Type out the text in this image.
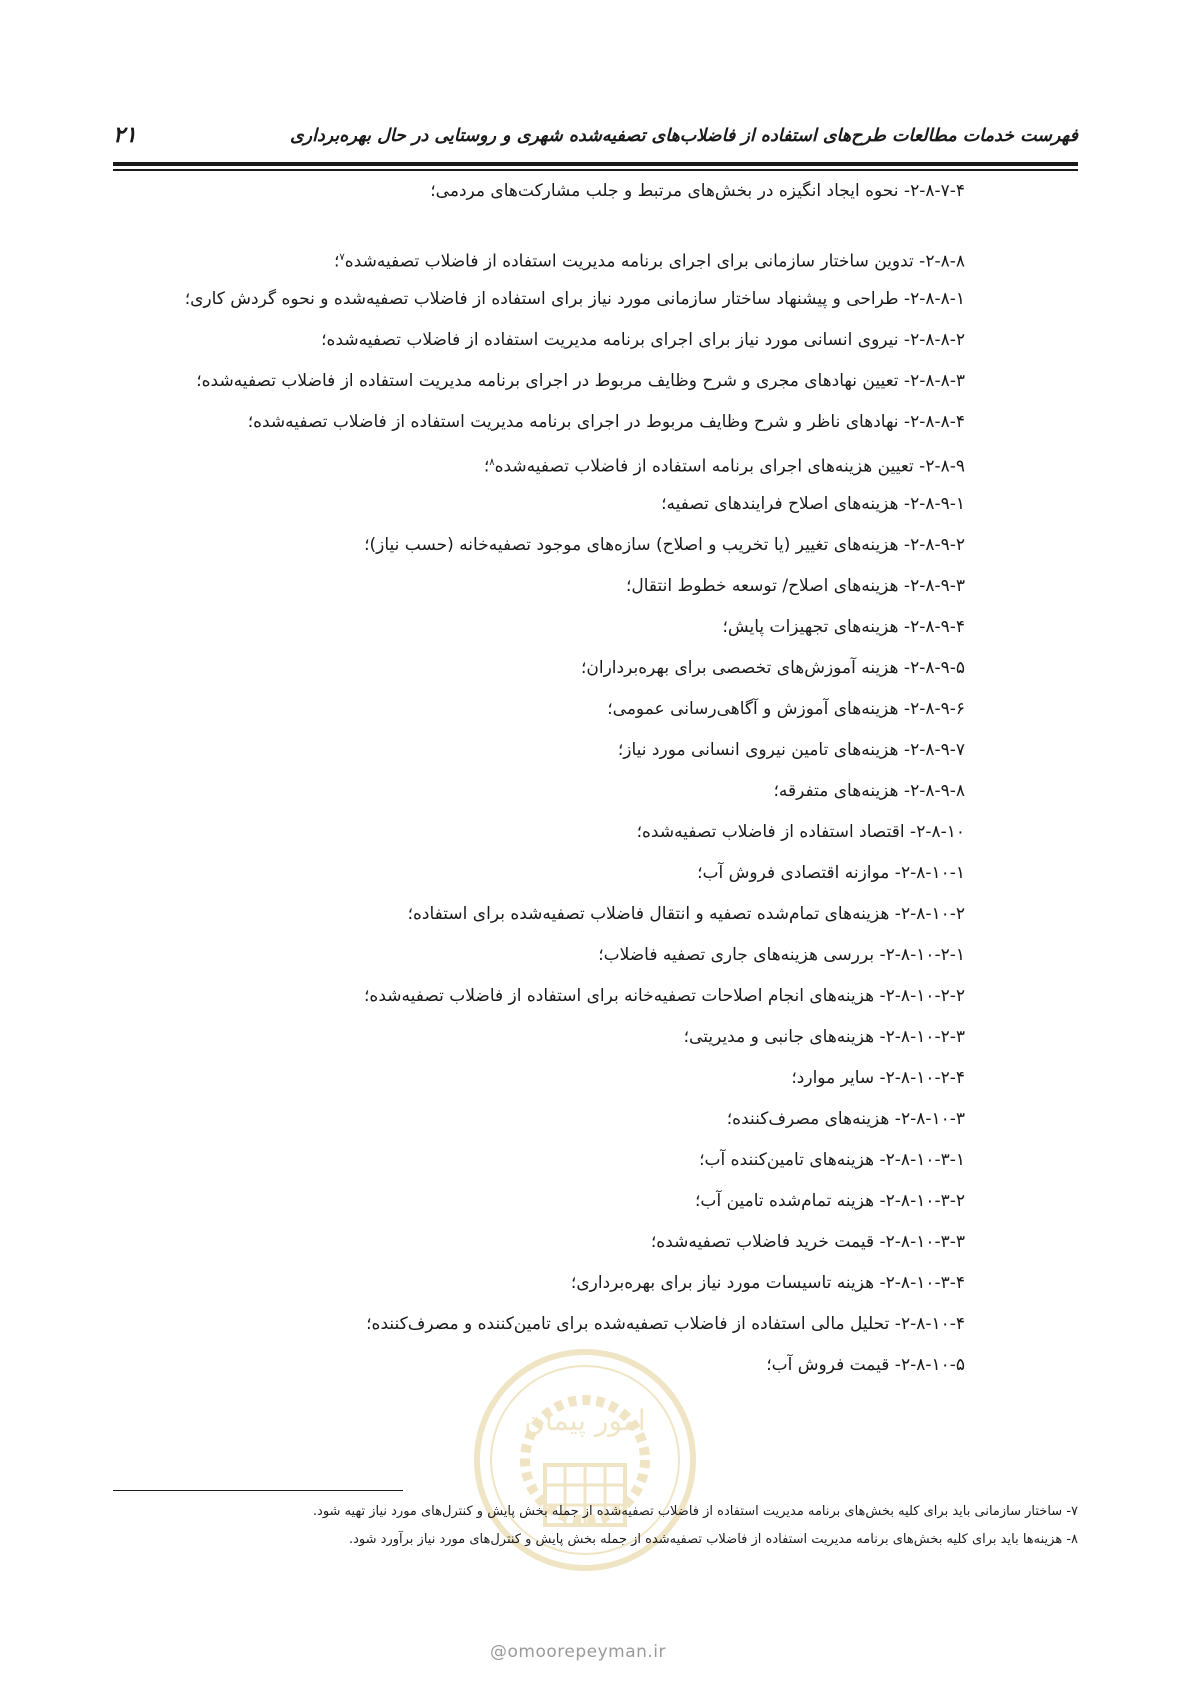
فهرست خدمات مطالعات طرح‌های استفاده از فاضلاب‌های تصفیه‌شده شهری و روستایی در حال بهره‌برداری
۲۱
۲-۸-۷-۴- نحوه ایجاد انگیزه در بخش‌های مرتبط و جلب مشارکت‌های مردمی؛
۲-۸-۸- تدوین ساختار سازمانی برای اجرای برنامه مدیریت استفاده از فاضلاب تصفیه‌شده$^۷$؛
۲-۸-۸-۱- طراحی و پیشنهاد ساختار سازمانی مورد نیاز برای استفاده از فاضلاب تصفیه‌شده و نحوه گردش کاری؛
۲-۸-۸-۲- نیروی انسانی مورد نیاز برای اجرای برنامه مدیریت استفاده از فاضلاب تصفیه‌شده؛
۲-۸-۸-۳- تعیین نهادهای مجری و شرح وظایف مربوط در اجرای برنامه مدیریت استفاده از فاضلاب تصفیه‌شده؛
۲-۸-۸-۴- نهادهای ناظر و شرح وظایف مربوط در اجرای برنامه مدیریت استفاده از فاضلاب تصفیه‌شده؛
۲-۸-۹- تعیین هزینه‌های اجرای برنامه استفاده از فاضلاب تصفیه‌شده$^۸$؛
۲-۸-۹-۱- هزینه‌های اصلاح فرایندهای تصفیه؛
۲-۸-۹-۲- هزینه‌های تغییر (یا تخریب و اصلاح) سازه‌های موجود تصفیه‌خانه (حسب نیاز)؛
۲-۸-۹-۳- هزینه‌های اصلاح/ توسعه خطوط انتقال؛
۲-۸-۹-۴- هزینه‌های تجهیزات پایش؛
۲-۸-۹-۵- هزینه آموزش‌های تخصصی برای بهره‌برداران؛
۲-۸-۹-۶- هزینه‌های آموزش و آگاهی‌رسانی عمومی؛
۲-۸-۹-۷- هزینه‌های تامین نیروی انسانی مورد نیاز؛
۲-۸-۹-۸- هزینه‌های متفرقه؛
۲-۸-۱۰- اقتصاد استفاده از فاضلاب تصفیه‌شده؛
۲-۸-۱۰-۱- موازنه اقتصادی فروش آب؛
۲-۸-۱۰-۲- هزینه‌های تمام‌شده تصفیه و انتقال فاضلاب تصفیه‌شده برای استفاده؛
۲-۸-۱۰-۲-۱- بررسی هزینه‌های جاری تصفیه فاضلاب؛
۲-۸-۱۰-۲-۲- هزینه‌های انجام اصلاحات تصفیه‌خانه برای استفاده از فاضلاب تصفیه‌شده؛
۲-۸-۱۰-۲-۳- هزینه‌های جانبی و مدیریتی؛
۲-۸-۱۰-۲-۴- سایر موارد؛
۲-۸-۱۰-۳- هزینه‌های مصرف‌کننده؛
۲-۸-۱۰-۳-۱- هزینه‌های تامین‌کننده آب؛
۲-۸-۱۰-۳-۲- هزینه تمام‌شده تامین آب؛
۲-۸-۱۰-۳-۳- قیمت خرید فاضلاب تصفیه‌شده؛
۲-۸-۱۰-۳-۴- هزینه تاسیسات مورد نیاز برای بهره‌برداری؛
۲-۸-۱۰-۴- تحلیل مالی استفاده از فاضلاب تصفیه‌شده برای تامین‌کننده و مصرف‌کننده؛
۲-۸-۱۰-۵- قیمت فروش آب؛
امور پیمان
@omoorepeyman.ir
۷- ساختار سازمانی باید برای کلیه بخش‌های برنامه مدیریت استفاده از فاضلاب تصفیه‌شده از جمله بخش پایش و کنترل‌های مورد نیاز تهیه شود.
۸- هزینه‌ها باید برای کلیه بخش‌های برنامه مدیریت استفاده از فاضلاب تصفیه‌شده از جمله بخش پایش و کنترل‌های مورد نیاز برآورد شود.
